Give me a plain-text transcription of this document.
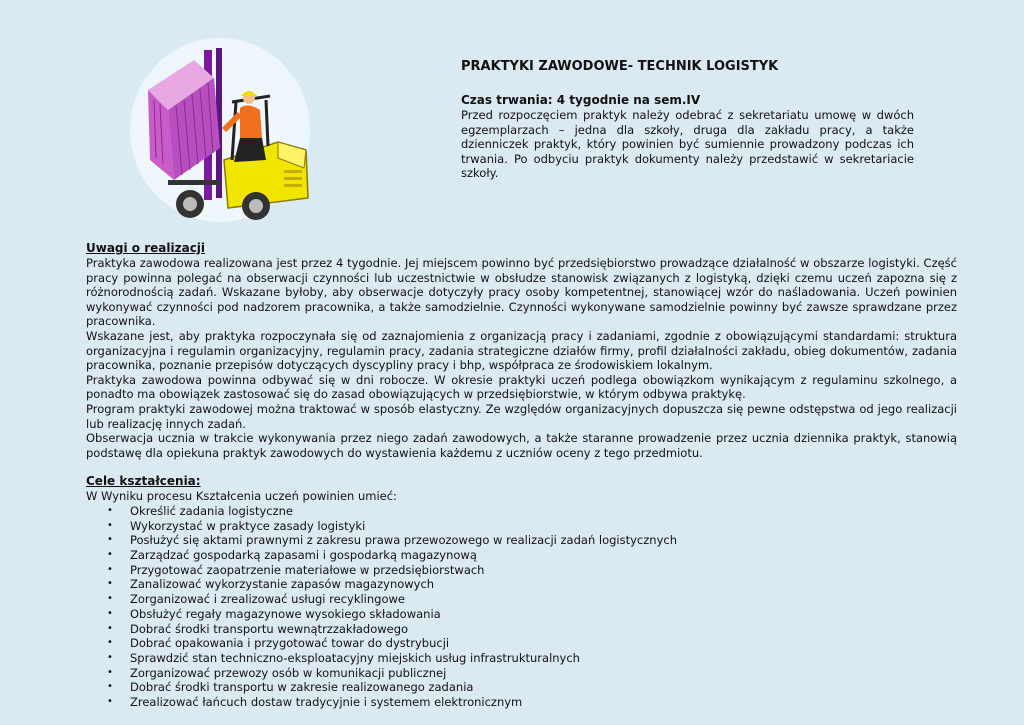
PRAKTYKI ZAWODOWE- TECHNIK LOGISTYK

Czas trwania: 4 tygodnie na sem.IV

Przed rozpoczęciem praktyk należy odebrać z sekretariatu umowę w dwóch egzemplarzach – jedna dla szkoły, druga dla zakładu pracy, a także dzienniczek praktyk, który powinien być sumiennie prowadzony podczas ich trwania. Po odbyciu praktyk dokumenty należy przedstawić w sekretariacie szkoły.

Uwagi o realizacji

Praktyka zawodowa realizowana jest przez 4 tygodnie. Jej miejscem powinno być przedsiębiorstwo prowadzące działalność w obszarze logistyki. Część pracy powinna polegać na obserwacji czynności lub uczestnictwie w obsłudze stanowisk związanych z logistyką, dzięki czemu uczeń zapozna się z różnorodnością zadań. Wskazane byłoby, aby obserwacje dotyczyły pracy osoby kompetentnej, stanowiącej wzór do naśladowania. Uczeń powinien wykonywać czynności pod nadzorem pracownika, a także samodzielnie. Czynności wykonywane samodzielnie powinny być zawsze sprawdzane przez pracownika.

Wskazane jest, aby praktyka rozpoczynała się od zaznajomienia z organizacją pracy i zadaniami, zgodnie z obowiązującymi standardami: struktura organizacyjna i regulamin organizacyjny, regulamin pracy, zadania strategiczne działów firmy, profil działalności zakładu, obieg dokumentów, zadania pracownika, poznanie przepisów dotyczących dyscypliny pracy i bhp, współpraca ze środowiskiem lokalnym.

Praktyka zawodowa powinna odbywać się w dni robocze. W okresie praktyki uczeń podlega obowiązkom wynikającym z regulaminu szkolnego, a ponadto ma obowiązek zastosować się do zasad obowiązujących w przedsiębiorstwie, w którym odbywa praktykę.

Program praktyki zawodowej można traktować w sposób elastyczny. Ze względów organizacyjnych dopuszcza się pewne odstępstwa od jego realizacji lub realizację innych zadań.

Obserwacja ucznia w trakcie wykonywania przez niego zadań zawodowych, a także staranne prowadzenie przez ucznia dziennika praktyk, stanowią podstawę dla opiekuna praktyk zawodowych do wystawienia każdemu z uczniów oceny z tego przedmiotu.

Cele kształcenia:

W Wyniku procesu Kształcenia uczeń powinien umieć:

• Określić zadania logistyczne
• Wykorzystać w praktyce zasady logistyki
• Posłużyć się aktami prawnymi z zakresu prawa przewozowego w realizacji zadań logistycznych
• Zarządzać gospodarką zapasami i gospodarką magazynową
• Przygotować zaopatrzenie materiałowe w przedsiębiorstwach
• Zanalizować wykorzystanie zapasów magazynowych
• Zorganizować i zrealizować usługi recyklingowe
• Obsłużyć regały magazynowe wysokiego składowania
• Dobrać środki transportu wewnątrzzakładowego
• Dobrać opakowania i przygotować towar do dystrybucji
• Sprawdzić stan techniczno-eksploatacyjny miejskich usług infrastrukturalnych
• Zorganizować przewozy osób w komunikacji publicznej
• Dobrać środki transportu w zakresie realizowanego zadania
• Zrealizować łańcuch dostaw tradycyjnie i systemem elektronicznym
